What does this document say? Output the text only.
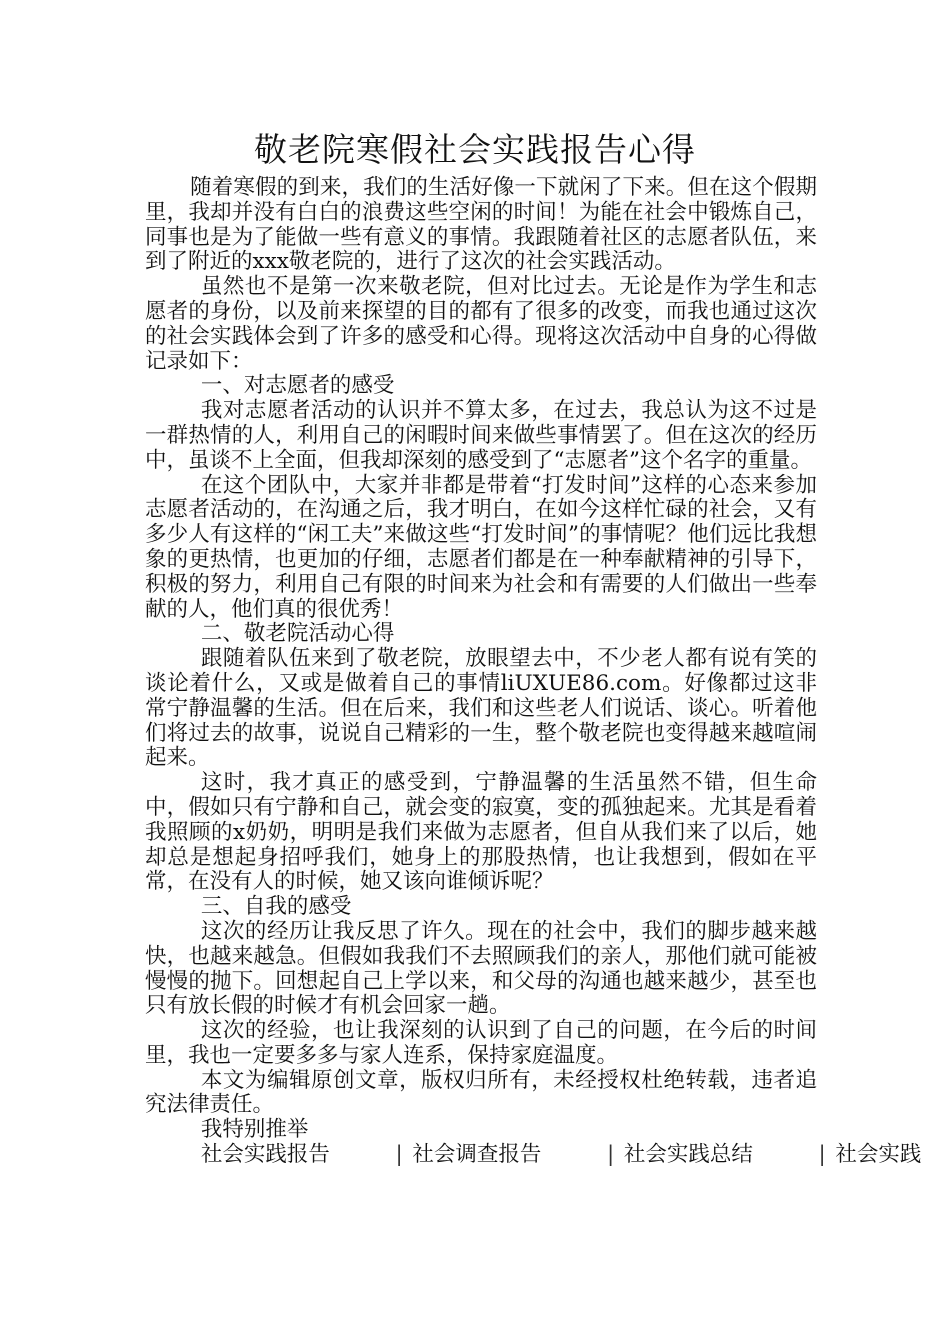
敬老院寒假社会实践报告心得

随着寒假的到来，我们的生活好像一下就闲了下来。但在这个假期里，我却并没有白白的浪费这些空闲的时间！为能在社会中锻炼自己，同事也是为了能做一些有意义的事情。我跟随着社区的志愿者队伍，来到了附近的xxx敬老院的，进行了这次的社会实践活动。

虽然也不是第一次来敬老院，但对比过去。无论是作为学生和志愿者的身份，以及前来探望的目的都有了很多的改变，而我也通过这次的社会实践体会到了许多的感受和心得。现将这次活动中自身的心得做记录如下：

一、对志愿者的感受

我对志愿者活动的认识并不算太多，在过去，我总认为这不过是一群热情的人，利用自己的闲暇时间来做些事情罢了。但在这次的经历中，虽谈不上全面，但我却深刻的感受到了“志愿者”这个名字的重量。

在这个团队中，大家并非都是带着“打发时间”这样的心态来参加志愿者活动的，在沟通之后，我才明白，在如今这样忙碌的社会，又有多少人有这样的“闲工夫”来做这些“打发时间”的事情呢？他们远比我想象的更热情，也更加的仔细，志愿者们都是在一种奉献精神的引导下，积极的努力，利用自己有限的时间来为社会和有需要的人们做出一些奉献的人，他们真的很优秀！

二、敬老院活动心得

跟随着队伍来到了敬老院，放眼望去中，不少老人都有说有笑的谈论着什么，又或是做着自己的事情liUXUE86.com。好像都过这非常宁静温馨的生活。但在后来，我们和这些老人们说话、谈心。听着他们将过去的故事，说说自己精彩的一生，整个敬老院也变得越来越喧闹起来。

这时，我才真正的感受到，宁静温馨的生活虽然不错，但生命中，假如只有宁静和自己，就会变的寂寞，变的孤独起来。尤其是看着我照顾的x奶奶，明明是我们来做为志愿者，但自从我们来了以后，她却总是想起身招呼我们，她身上的那股热情，也让我想到，假如在平常，在没有人的时候，她又该向谁倾诉呢？

三、自我的感受

这次的经历让我反思了许久。现在的社会中，我们的脚步越来越快，也越来越急。但假如我我们不去照顾我们的亲人，那他们就可能被慢慢的抛下。回想起自己上学以来，和父母的沟通也越来越少，甚至也只有放长假的时候才有机会回家一趟。

这次的经验，也让我深刻的认识到了自己的问题，在今后的时间里，我也一定要多多与家人连系，保持家庭温度。

本文为编辑原创文章，版权归所有，未经授权杜绝转载，违者追究法律责任。

我特别推举
社会实践报告	| 社会调查报告	| 社会实践总结	| 社会实践
